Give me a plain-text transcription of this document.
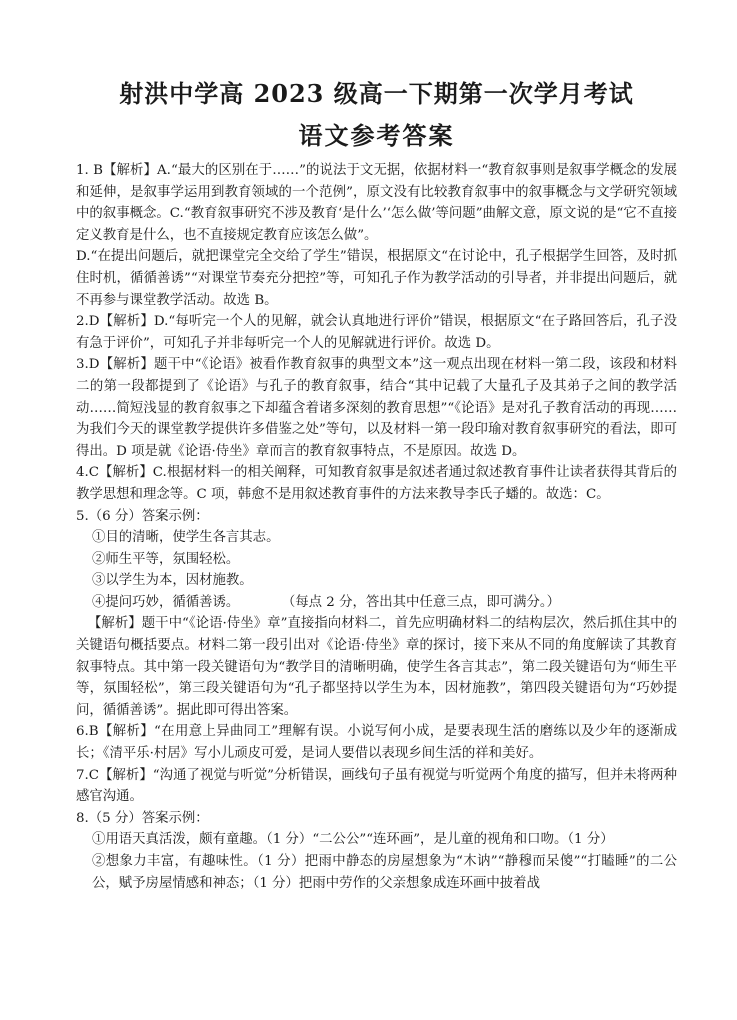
射洪中学高 2023 级高一下期第一次学月考试
语文参考答案

1. B【解析】A.“最大的区别在于……”的说法于文无据，依据材料一“教育叙事则是叙事学概念的发展和延伸，是叙事学运用到教育领域的一个范例”，原文没有比较教育叙事中的叙事概念与文学研究领域中的叙事概念。C.“教育叙事研究不涉及教育‘是什么’‘怎么做’等问题”曲解文意，原文说的是“它不直接定义教育是什么，也不直接规定教育应该怎么做”。

D.“在提出问题后，就把课堂完全交给了学生”错误，根据原文“在讨论中，孔子根据学生回答，及时抓住时机，循循善诱”“对课堂节奏充分把控”等，可知孔子作为教学活动的引导者，并非提出问题后，就不再参与课堂教学活动。故选 B。

2.D【解析】D.“每听完一个人的见解，就会认真地进行评价”错误，根据原文“在子路回答后，孔子没有急于评价”，可知孔子并非每听完一个人的见解就进行评价。故选 D。

3.D【解析】题干中“《论语》被看作教育叙事的典型文本”这一观点出现在材料一第二段，该段和材料二的第一段都提到了《论语》与孔子的教育叙事，结合“其中记载了大量孔子及其弟子之间的教学活动……简短浅显的教育叙事之下却蕴含着诸多深刻的教育思想”“《论语》是对孔子教育活动的再现……为我们今天的课堂教学提供许多借鉴之处”等句，以及材料一第一段印瑜对教育叙事研究的看法，即可得出。D 项是就《论语·侍坐》章而言的教育叙事特点，不是原因。故选 D。

4.C【解析】C.根据材料一的相关阐释，可知教育叙事是叙述者通过叙述教育事件让读者获得其背后的教学思想和理念等。C 项，韩愈不是用叙述教育事件的方法来教导李氏子蟠的。故选：C。

5.（6 分）答案示例：

①目的清晰，使学生各言其志。

②师生平等，氛围轻松。

③以学生为本，因材施教。

④提问巧妙，循循善诱。          （每点 2 分，答出其中任意三点，即可满分。）

【解析】题干中“《论语·侍坐》章”直接指向材料二，首先应明确材料二的结构层次，然后抓住其中的关键语句概括要点。材料二第一段引出对《论语·侍坐》章的探讨，接下来从不同的角度解读了其教育叙事特点。其中第一段关键语句为“教学目的清晰明确，使学生各言其志”，第二段关键语句为“师生平等，氛围轻松”，第三段关键语句为“孔子都坚持以学生为本，因材施教”，第四段关键语句为“巧妙提问，循循善诱”。据此即可得出答案。

6.B【解析】“在用意上异曲同工”理解有误。小说写何小成，是要表现生活的磨练以及少年的逐渐成长；《清平乐·村居》写小儿顽皮可爱，是词人要借以表现乡间生活的祥和美好。

7.C【解析】“沟通了视觉与听觉”分析错误，画线句子虽有视觉与听觉两个角度的描写，但并未将两种感官沟通。

8.（5 分）答案示例：

①用语天真活泼，颇有童趣。（1 分）“二公公”“连环画”，是儿童的视角和口吻。（1 分）

②想象力丰富，有趣味性。（1 分）把雨中静态的房屋想象为“木讷”“静穆而呆傻”“打瞌睡”的二公公，赋予房屋情感和神态；（1 分）把雨中劳作的父亲想象成连环画中披着战
